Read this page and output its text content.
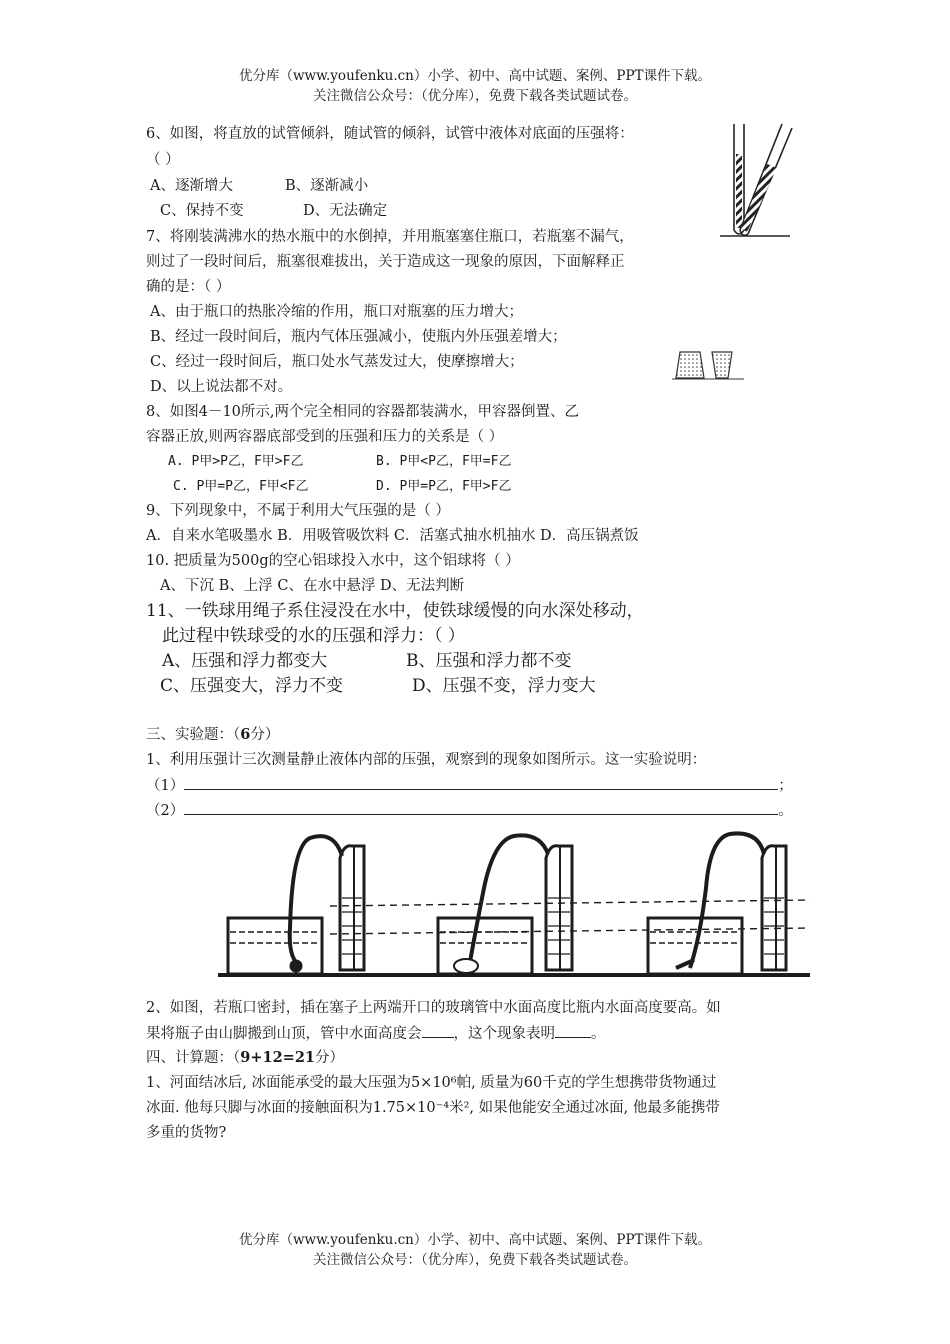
优分库（www.youfenku.cn）小学、初中、高中试题、案例、PPT课件下载。
关注微信公众号：（优分库），免费下载各类试题试卷。
6、如图，将直放的试管倾斜，随试管的倾斜，试管中液体对底面的压强将：
（ ）
A、逐渐增大	B、逐渐减小
C、保持不变	D、无法确定
7、将刚装满沸水的热水瓶中的水倒掉，并用瓶塞塞住瓶口，若瓶塞不漏气，
则过了一段时间后，瓶塞很难拔出，关于造成这一现象的原因，下面解释正
确的是：（ ）
A、由于瓶口的热胀冷缩的作用，瓶口对瓶塞的压力增大；
B、经过一段时间后，瓶内气体压强减小，使瓶内外压强差增大；
C、经过一段时间后，瓶口处水气蒸发过大，使摩擦增大；
D、以上说法都不对。
8、如图4－10所示,两个完全相同的容器都装满水，甲容器倒置、乙
容器正放,则两容器底部受到的压强和压力的关系是（ ）
A. P甲>P乙，F甲>F乙	B. P甲<P乙，F甲=F乙
C. P甲=P乙，F甲<F乙	D. P甲=P乙，F甲>F乙
9、下列现象中，不属于利用大气压强的是（ ）
A．自来水笔吸墨水 B．用吸管吸饮料 C．活塞式抽水机抽水 D．高压锅煮饭
10. 把质量为500g的空心铝球投入水中，这个铝球将（ ）
A、下沉 B、上浮 C、在水中悬浮 D、无法判断
11、一铁球用绳子系住浸没在水中，使铁球缓慢的向水深处移动，
此过程中铁球受的水的压强和浮力：（ ）
A、压强和浮力都变大	B、压强和浮力都不变
C、压强变大，浮力不变	D、压强不变，浮力变大
三、实验题：（6分）
1、利用压强计三次测量静止液体内部的压强，观察到的现象如图所示。这一实验说明：
（1）	；
（2）	。
2、如图，若瓶口密封，插在塞子上两端开口的玻璃管中水面高度比瓶内水面高度要高。如
果将瓶子由山脚搬到山顶，管中水面高度会 ，这个现象表明 。
四、计算题：（9+12=21分）
1、河面结冰后, 冰面能承受的最大压强为5×10⁶帕, 质量为60千克的学生想携带货物通过
冰面. 他每只脚与冰面的接触面积为1.75×10⁻⁴米², 如果他能安全通过冰面, 他最多能携带
多重的货物?
优分库（www.youfenku.cn）小学、初中、高中试题、案例、PPT课件下载。
关注微信公众号：（优分库），免费下载各类试题试卷。
